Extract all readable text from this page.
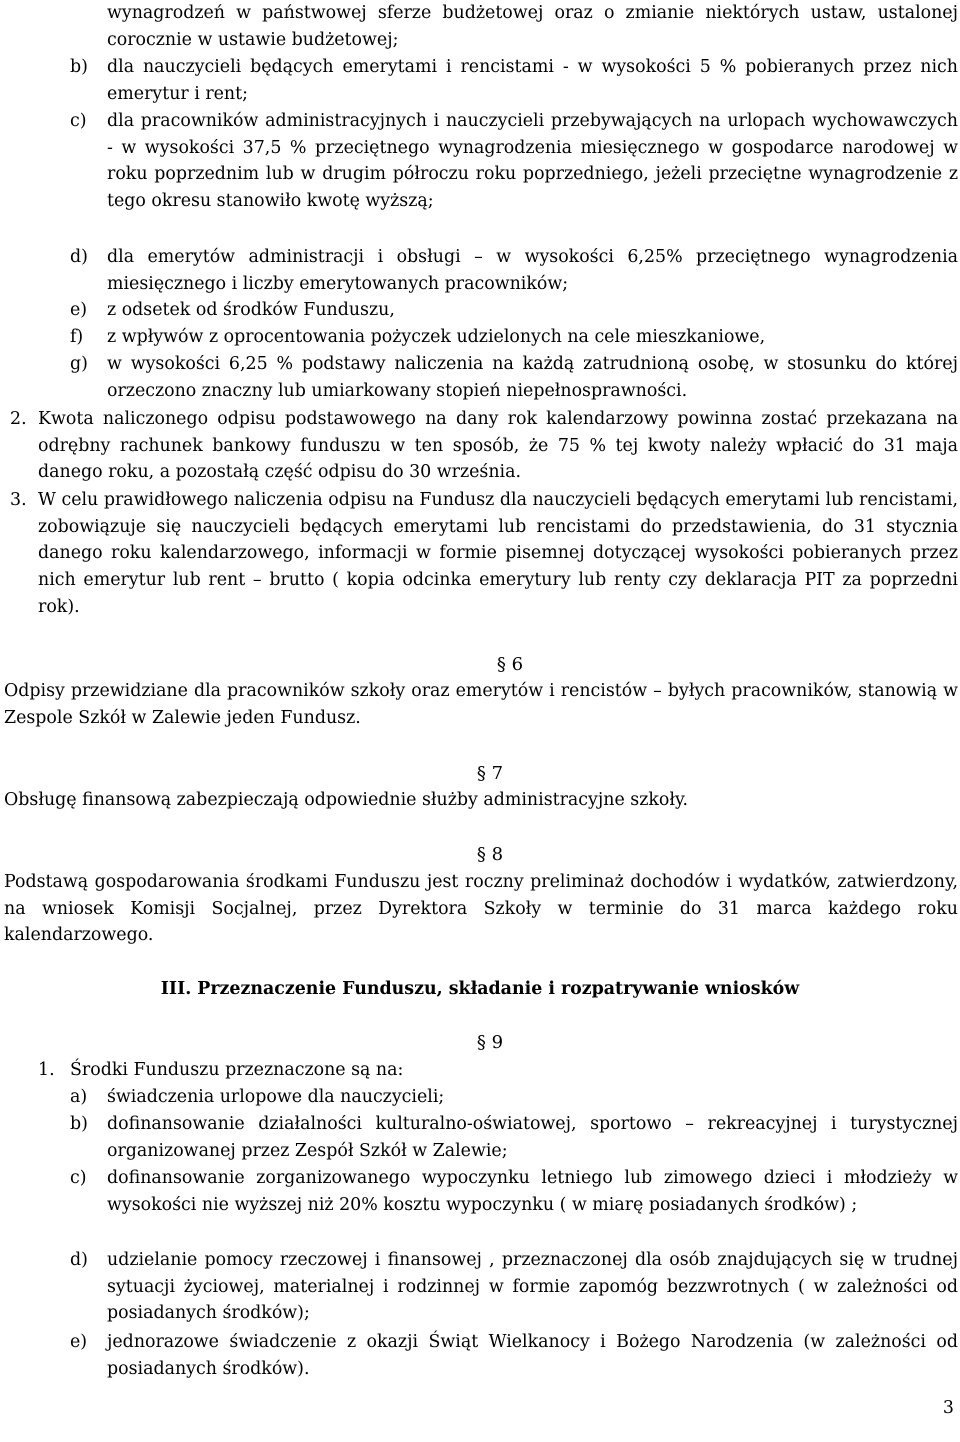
wynagrodzeń w państwowej sferze budżetowej oraz o zmianie niektórych ustaw, ustalonej corocznie w ustawie budżetowej;
b) dla nauczycieli będących emerytami i rencistami - w wysokości 5 % pobieranych przez nich emerytur i rent;
c) dla pracowników administracyjnych i nauczycieli przebywających na urlopach wychowawczych - w wysokości 37,5 % przeciętnego wynagrodzenia miesięcznego w gospodarce narodowej w roku poprzednim lub w drugim półroczu roku poprzedniego, jeżeli przeciętne wynagrodzenie z tego okresu stanowiło kwotę wyższą;
d) dla emerytów administracji i obsługi – w wysokości 6,25% przeciętnego wynagrodzenia miesięcznego i liczby emerytowanych pracowników;
e) z odsetek od środków Funduszu,
f) z wpływów z oprocentowania pożyczek udzielonych na cele mieszkaniowe,
g) w wysokości 6,25 % podstawy naliczenia na każdą zatrudnioną osobę, w stosunku do której orzeczono znaczny lub umiarkowany stopień niepełnosprawności.
2. Kwota naliczonego odpisu podstawowego na dany rok kalendarzowy powinna zostać przekazana na odrębny rachunek bankowy funduszu w ten sposób, że 75 % tej kwoty należy wpłacić do 31 maja danego roku, a pozostałą część odpisu do 30 września.
3. W celu prawidłowego naliczenia odpisu na Fundusz dla nauczycieli będących emerytami lub rencistami, zobowiązuje się nauczycieli będących emerytami lub rencistami do przedstawienia, do 31 stycznia danego roku kalendarzowego, informacji w formie pisemnej dotyczącej wysokości pobieranych przez nich emerytur lub rent – brutto ( kopia odcinka emerytury lub renty czy deklaracja PIT za poprzedni rok).
§ 6
Odpisy przewidziane dla pracowników szkoły oraz emerytów i rencistów – byłych pracowników, stanowią w Zespole Szkół w Zalewie jeden Fundusz.
§ 7
Obsługę finansową zabezpieczają odpowiednie służby administracyjne szkoły.
§ 8
Podstawą gospodarowania środkami Funduszu jest roczny preliminaż dochodów i wydatków, zatwierdzony, na wniosek Komisji Socjalnej, przez Dyrektora Szkoły w terminie do 31 marca każdego roku kalendarzowego.
III. Przeznaczenie Funduszu, składanie i rozpatrywanie wniosków
§ 9
1. Środki Funduszu przeznaczone są na:
a) świadczenia urlopowe dla nauczycieli;
b) dofinansowanie działalności kulturalno-oświatowej, sportowo – rekreacyjnej i turystycznej organizowanej przez Zespół Szkół w Zalewie;
c) dofinansowanie zorganizowanego wypoczynku letniego lub zimowego dzieci i młodzieży w wysokości nie wyższej niż 20% kosztu wypoczynku ( w miarę posiadanych środków) ;
d) udzielanie pomocy rzeczowej i finansowej , przeznaczonej dla osób znajdujących się w trudnej sytuacji życiowej, materialnej i rodzinnej w formie zapomóg bezzwrotnych ( w zależności od posiadanych środków);
e) jednorazowe świadczenie z okazji Świąt Wielkanocy i Bożego Narodzenia (w zależności od posiadanych środków).
3
